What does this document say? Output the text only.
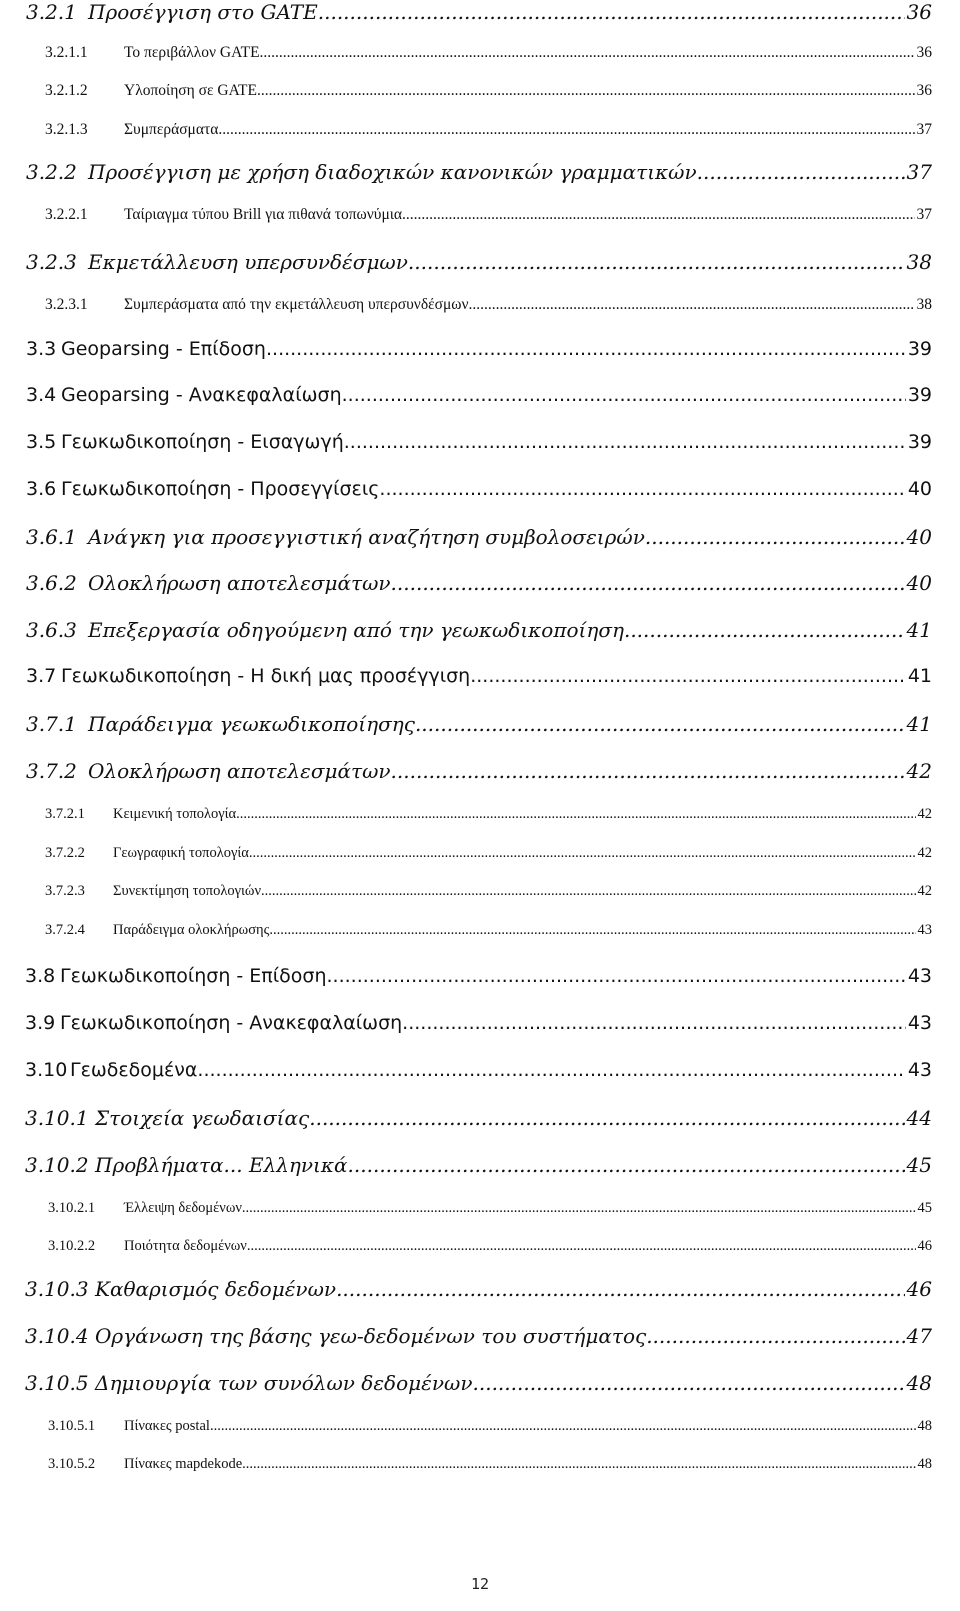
3.2.1 Προσέγγιση στο GATE .....	36
3.2.1.1	Το περιβάλλον GATE .....	36
3.2.1.2	Υλοποίηση σε GATE .....	36
3.2.1.3	Συμπεράσματα .....	37
3.2.2 Προσέγγιση με χρήση διαδοχικών κανονικών γραμματικών .....	37
3.2.2.1	Ταίριαγμα τύπου Brill για πιθανά τοπωνύμια .....	37
3.2.3 Εκμετάλλευση υπερσυνδέσμων .....	38
3.2.3.1	Συμπεράσματα από την εκμετάλλευση υπερσυνδέσμων .....	38
3.3 Geoparsing - Επίδοση .....	39
3.4 Geoparsing - Ανακεφαλαίωση .....	39
3.5 Γεωκωδικοποίηση - Εισαγωγή .....	39
3.6 Γεωκωδικοποίηση - Προσεγγίσεις .....	40
3.6.1 Ανάγκη για προσεγγιστική αναζήτηση συμβολοσειρών .....	40
3.6.2 Ολοκλήρωση αποτελεσμάτων .....	40
3.6.3 Επεξεργασία οδηγούμενη από την γεωκωδικοποίηση .....	41
3.7 Γεωκωδικοποίηση - Η δική μας προσέγγιση .....	41
3.7.1 Παράδειγμα γεωκωδικοποίησης .....	41
3.7.2 Ολοκλήρωση αποτελεσμάτων .....	42
3.7.2.1	Κειμενική τοπολογία .....	42
3.7.2.2	Γεωγραφική τοπολογία .....	42
3.7.2.3	Συνεκτίμηση τοπολογιών .....	42
3.7.2.4	Παράδειγμα ολοκλήρωσης .....	43
3.8 Γεωκωδικοποίηση - Επίδοση .....	43
3.9 Γεωκωδικοποίηση - Ανακεφαλαίωση .....	43
3.10 Γεωδεδομένα .....	43
3.10.1 Στοιχεία γεωδαισίας .....	44
3.10.2 Προβλήματα... Ελληνικά .....	45
3.10.2.1	Έλλειψη δεδομένων .....	45
3.10.2.2	Ποιότητα δεδομένων .....	46
3.10.3 Καθαρισμός δεδομένων .....	46
3.10.4 Οργάνωση της βάσης γεω-δεδομένων του συστήματος .....	47
3.10.5 Δημιουργία των συνόλων δεδομένων .....	48
3.10.5.1	Πίνακες postal .....	48
3.10.5.2	Πίνακες mapdekode .....	48
12
